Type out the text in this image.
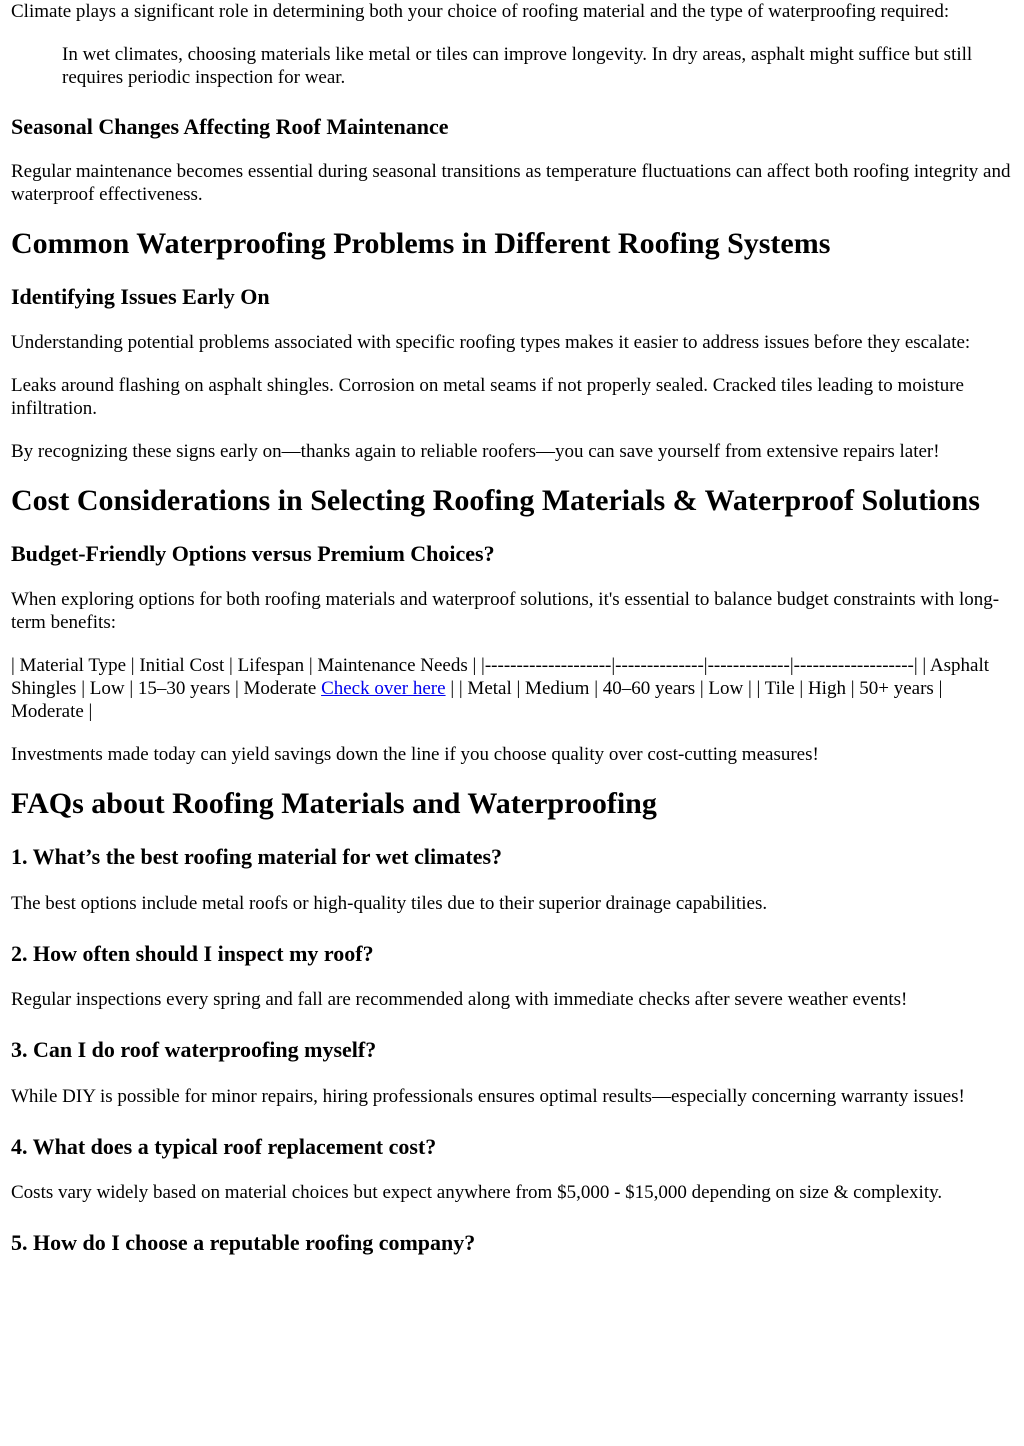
Climate plays a significant role in determining both your choice of roofing material and the type of waterproofing required:

In wet climates, choosing materials like metal or tiles can improve longevity. In dry areas, asphalt might suffice but still requires periodic inspection for wear.
Seasonal Changes Affecting Roof Maintenance

Regular maintenance becomes essential during seasonal transitions as temperature fluctuations can affect both roofing integrity and waterproof effectiveness.

Common Waterproofing Problems in Different Roofing Systems
Identifying Issues Early On

Understanding potential problems associated with specific roofing types makes it easier to address issues before they escalate:

Leaks around flashing on asphalt shingles. Corrosion on metal seams if not properly sealed. Cracked tiles leading to moisture infiltration.

By recognizing these signs early on—thanks again to reliable roofers—you can save yourself from extensive repairs later!

Cost Considerations in Selecting Roofing Materials & Waterproof Solutions
Budget-Friendly Options versus Premium Choices?

When exploring options for both roofing materials and waterproof solutions, it's essential to balance budget constraints with long-term benefits:

| Material Type | Initial Cost | Lifespan | Maintenance Needs | |--------------------|--------------|-------------|-------------------| | Asphalt Shingles | Low | 15–30 years | Moderate Check over here | | Metal | Medium | 40–60 years | Low | | Tile | High | 50+ years | Moderate |

Investments made today can yield savings down the line if you choose quality over cost-cutting measures!

FAQs about Roofing Materials and Waterproofing
1. What’s the best roofing material for wet climates?

The best options include metal roofs or high-quality tiles due to their superior drainage capabilities.

2. How often should I inspect my roof?

Regular inspections every spring and fall are recommended along with immediate checks after severe weather events!

3. Can I do roof waterproofing myself?

While DIY is possible for minor repairs, hiring professionals ensures optimal results—especially concerning warranty issues!

4. What does a typical roof replacement cost?

Costs vary widely based on material choices but expect anywhere from $5,000 - $15,000 depending on size & complexity.

5. How do I choose a reputable roofing company?
